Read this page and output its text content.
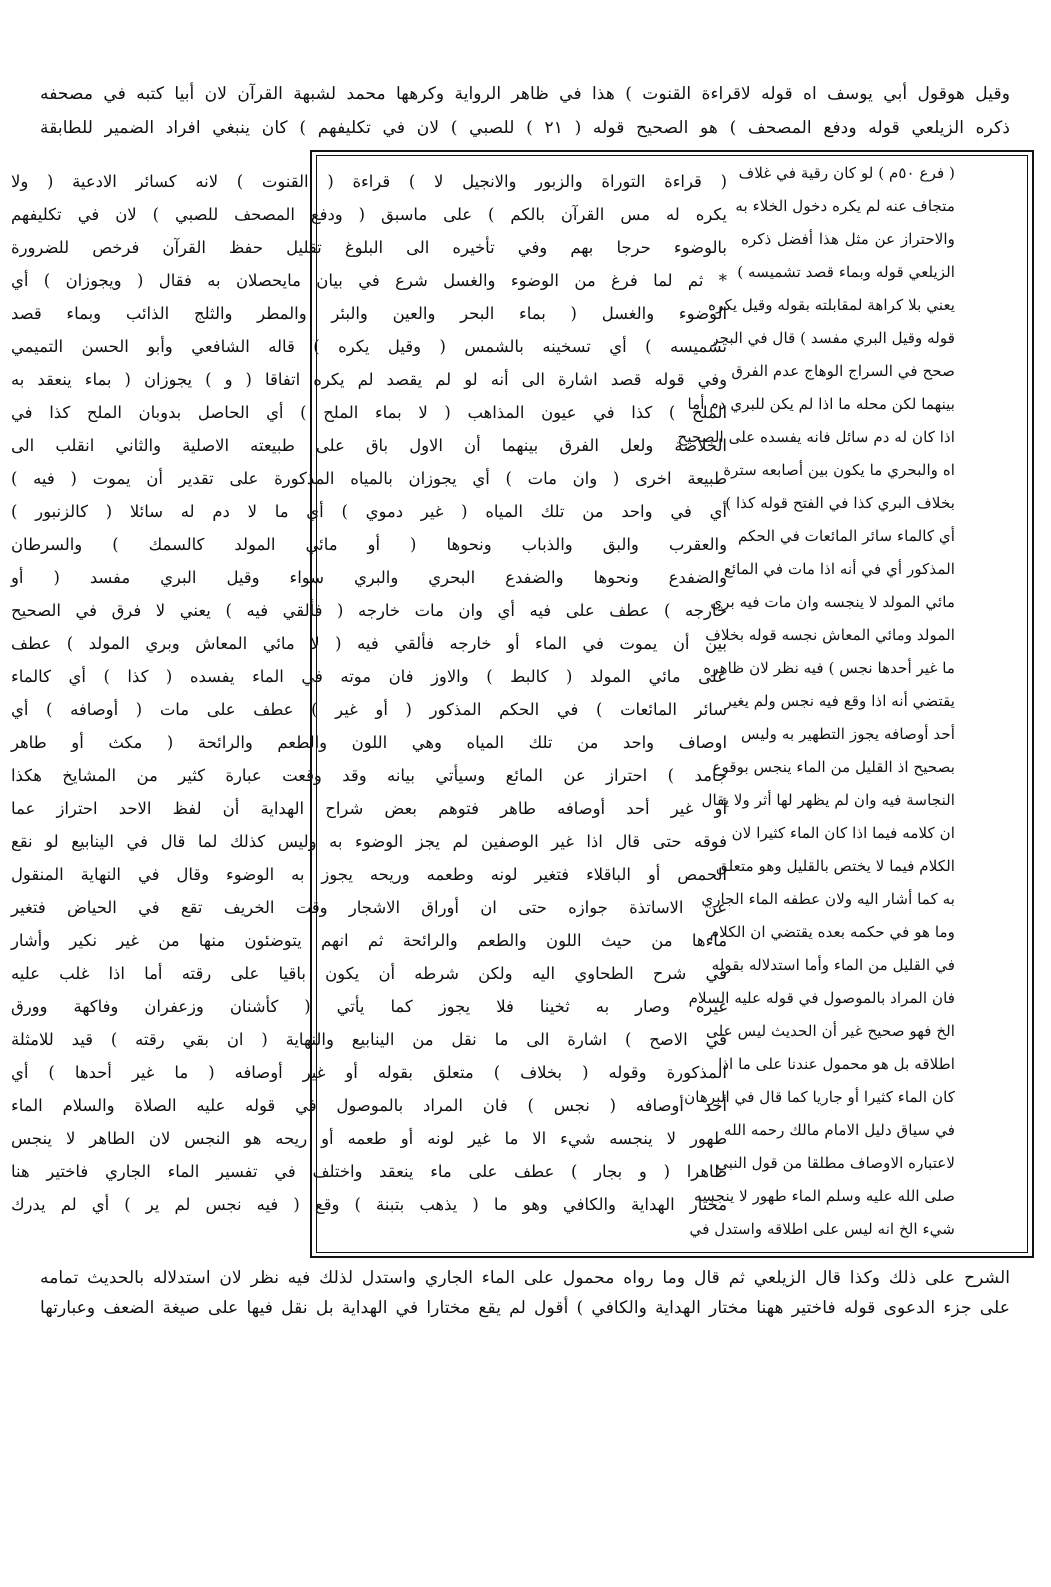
وقيل هوقول أبي يوسف اه قوله لاقراءة القنوت ) هذا في ظاهر الرواية وكرهها محمد لشبهة القرآن لان أبيا كتبه في مصحفه
ذكره الزيلعي قوله ودفع المصحف ) هو الصحيح قوله ( ٢١ ) للصبي ) لان في تكليفهم ) كان ينبغي افراد الضمير للطابقة
( قراءة التوراة والزبور والانجيل لا ) قراءة ( القنوت ) لانه كسائر الادعية ( ولا
يكره له مس القرآن بالكم ) على ماسبق ( ودفع المصحف للصبي ) لان في تكليفهم
بالوضوء حرجا بهم وفي تأخيره الى البلوغ تقليل حفظ القرآن فرخص للضرورة
* ثم لما فرغ من الوضوء والغسل شرع في بيان مايحصلان به فقال ( ويجوزان ) أي
الوضوء والغسل ( بماء البحر والعين والبئر والمطر والثلج الذائب وبماء قصد
تشميسه ) أي تسخينه بالشمس ( وقيل يكره ) قاله الشافعي وأبو الحسن التميمي
وفي قوله قصد اشارة الى أنه لو لم يقصد لم يكره اتفاقا ( و ) يجوزان ( بماء ينعقد به
الملح ) كذا في عيون المذاهب ( لا بماء الملح ) أي الحاصل بدوبان الملح كذا في
الخلاصة ولعل الفرق بينهما أن الاول باق على طبيعته الاصلية والثاني انقلب الى
طبيعة اخرى ( وان مات ) أي يجوزان بالمياه المذكورة على تقدير أن يموت ( فيه )
أي في واحد من تلك المياه ( غير دموي ) أي ما لا دم له سائلا ( كالزنبور )
والعقرب والبق والذباب ونحوها ( أو مائي المولد كالسمك ) والسرطان
والضفدع ونحوها والضفدع البحري والبري سواء وقيل البري مفسد ( أو
خارجه ) عطف على فيه أي وان مات خارجه ( فألقي فيه ) يعني لا فرق في الصحيح
بين أن يموت في الماء أو خارجه فألقي فيه ( لا مائي المعاش وبري المولد ) عطف
على مائي المولد ( كالبط ) والاوز فان موته في الماء يفسده ( كذا ) أي كالماء
سائر المائعات ) في الحكم المذكور ( أو غير ) عطف على مات ( أوصافه ) أي
اوصاف واحد من تلك المياه وهي اللون والطعم والرائحة ( مكث أو طاهر
جامد ) احتراز عن المائع وسيأتي بيانه وقد وقعت عبارة كثير من المشايخ هكذا
أو غير أحد أوصافه طاهر فتوهم بعض شراح الهداية أن لفظ الاحد احتراز عما
فوقه حتى قال اذا غير الوصفين لم يجز الوضوء به وليس كذلك لما قال في الينابيع لو نقع
الحمص أو الباقلاء فتغير لونه وطعمه وريحه يجوز به الوضوء وقال في النهاية المنقول
عن الاساتذة جوازه حتى ان أوراق الاشجار وقت الخريف تقع في الحياض فتغير
ماءها من حيث اللون والطعم والرائحة ثم انهم يتوضئون منها من غير نكير وأشار
في شرح الطحاوي اليه ولكن شرطه أن يكون باقيا على رقته أما اذا غلب عليه
غيره وصار به ثخينا فلا يجوز كما يأتي ( كأشنان وزعفران وفاكهة وورق
في الاصح ) اشارة الى ما نقل من الينابيع والنهاية ( ان بقي رقته ) قيد للامثلة
المذكورة وقوله ( بخلاف ) متعلق بقوله أو غير أوصافه ( ما غير أحدها ) أي
أحد أوصافه ( نجس ) فان المراد بالموصول في قوله عليه الصلاة والسلام الماء
طهور لا ينجسه شيء الا ما غير لونه أو طعمه أو ريحه هو النجس لان الطاهر لا ينجس
طاهرا ( و بجار ) عطف على ماء ينعقد واختلف في تفسير الماء الجاري فاختير هنا
مختار الهداية والكافي وهو ما ( يذهب بتبنة ) وقع ( فيه نجس لم ير ) أي لم يدرك
( فرع ٥٠م ) لو كان رقية في غلاف
متجاف عنه لم يكره دخول الخلاء به
والاحتراز عن مثل هذا أفضل ذكره
الزيلعي قوله وبماء قصد تشميسه )
يعني بلا كراهة لمقابلته بقوله وقيل يكره
قوله وقيل البري مفسد ) قال في البحر
صحح في السراج الوهاج عدم الفرق
بينهما لكن محله ما اذا لم يكن للبري دم أما
اذا كان له دم سائل فانه يفسده على الصحيح
اه والبحري ما يكون بين أصابعه سترة
بخلاف البري كذا في الفتح قوله كذا )
أي كالماء سائر المائعات في الحكم
المذكور أي في أنه اذا مات في المائع
مائي المولد لا ينجسه وان مات فيه بري
المولد ومائي المعاش نجسه قوله بخلاف
ما غير أحدها نجس ) فيه نظر لان ظاهره
يقتضي أنه اذا وقع فيه نجس ولم يغير
أحد أوصافه يجوز التطهير به وليس
بصحيح اذ القليل من الماء ينجس بوقوع
النجاسة فيه وان لم يظهر لها أثر ولا يقال
ان كلامه فيما اذا كان الماء كثيرا لان
الكلام فيما لا يختص بالقليل وهو متعلق
به كما أشار اليه ولان عطفه الماء الجاري
وما هو في حكمه بعده يقتضي ان الكلام
في القليل من الماء وأما استدلاله بقوله
فان المراد بالموصول في قوله عليه السلام
الخ فهو صحيح غير أن الحديث ليس على
اطلاقه بل هو محمول عندنا على ما اذا
كان الماء كثيرا أو جاريا كما قال في البرهان
في سياق دليل الامام مالك رحمه الله
لاعتباره الاوصاف مطلقا من قول النبي
صلى الله عليه وسلم الماء طهور لا ينجسه
شيء الخ انه ليس على اطلاقه واستدل في
الشرح على ذلك وكذا قال الزيلعي ثم قال وما رواه محمول على الماء الجاري واستدل لذلك فيه نظر لان استدلاله بالحديث تمامه
على جزء الدعوى قوله فاختير ههنا مختار الهداية والكافي ) أقول لم يقع مختارا في الهداية بل نقل فيها على صيغة الضعف وعبارتها
